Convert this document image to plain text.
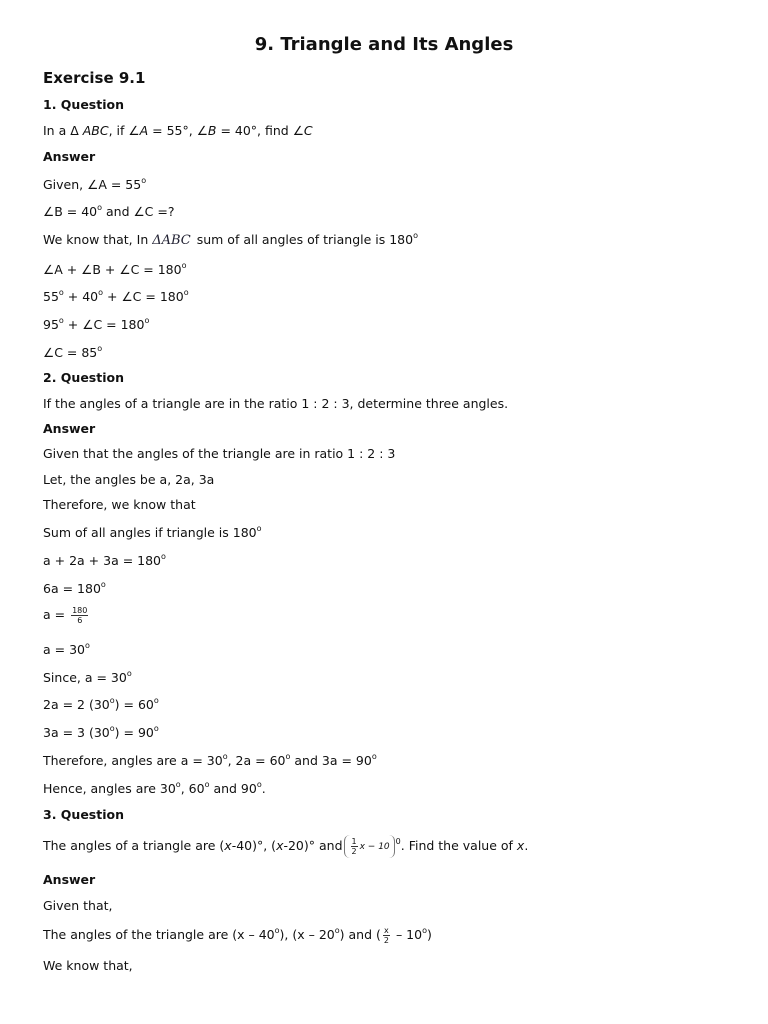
9. Triangle and Its Angles
Exercise 9.1
1. Question
In a Δ ABC, if ∠A = 55°, ∠B = 40°, find ∠C
Answer
Given, ∠A = $55^o$
∠B = $40^o$ and ∠C =?
We know that, In ΔABC sum of all angles of triangle is 180$^o$
∠A + ∠B + ∠C = $180^o$
$55^o + 40^o$ + ∠C = $180^o$
$95^o$ + ∠C = $180^o$
∠C = $85^o$
2. Question
If the angles of a triangle are in the ratio 1 : 2 : 3, determine three angles.
Answer
Given that the angles of the triangle are in ratio 1 : 2 : 3
Let, the angles be a, 2a, 3a
Therefore, we know that
Sum of all angles if triangle is 180$^o$
$a + 2a + 3a = 180^o$
$6a = 180^o$
$a = \frac{180}{6}$
$a = 30^o$
Since, $a = 30^o$
2a = 2 $(30^o) = 60^o$
3a = 3 $(30^o) = 90^o$
Therefore, angles are $a = 30^o$, $2a = 60^o$ and $3a = 90^o$
Hence, angles are 30$^o$, 60$^o$ and 90$^o$.
3. Question
The angles of a triangle are (x-40)°, (x-20)° and $\frac{1}{2}$ $x - 10^0$. Find the value of x.
Answer
Given that,
The angles of the triangle are (x – 40$^o$), (x – 20$^o$) and ( $\frac{x}{2} - 10^o$)
We know that,
